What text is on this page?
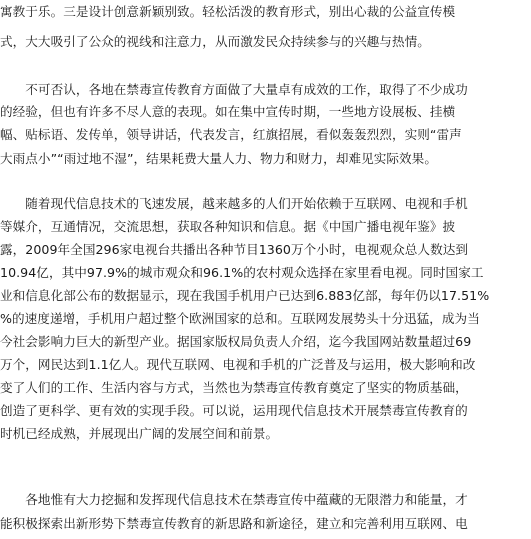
寓教于乐。三是设计创意新颖别致。轻松活泼的教育形式，别出心裁的公益宣传模
式，大大吸引了公众的视线和注意力，从而激发民众持续参与的兴趣与热情。
　　不可否认，各地在禁毒宣传教育方面做了大量卓有成效的工作，取得了不少成功
的经验，但也有许多不尽人意的表现。如在集中宣传时期，一些地方设展板、挂横
幅、贴标语、发传单，领导讲话，代表发言，红旗招展，看似轰轰烈烈，实则“雷声
大雨点小”“雨过地不湿”，结果耗费大量人力、物力和财力，却难见实际效果。
　　随着现代信息技术的飞速发展，越来越多的人们开始依赖于互联网、电视和手机
等媒介，互通情况，交流思想，获取各种知识和信息。据《中国广播电视年鉴》披
露，2009年全国296家电视台共播出各种节目1360万个小时，电视观众总人数达到
10.94亿，其中97.9%的城市观众和96.1%的农村观众选择在家里看电视。同时国家工
业和信息化部公布的数据显示，现在我国手机用户已达到6.883亿部，每年仍以17.51%
%的速度递增，手机用户超过整个欧洲国家的总和。互联网发展势头十分迅猛，成为当
今社会影响力巨大的新型产业。据国家版权局负责人介绍，迄今我国网站数量超过69
万个，网民达到1.1亿人。现代互联网、电视和手机的广泛普及与运用，极大影响和改
变了人们的工作、生活内容与方式，当然也为禁毒宣传教育奠定了坚实的物质基础，
创造了更科学、更有效的实现手段。可以说，运用现代信息技术开展禁毒宣传教育的
时机已经成熟，并展现出广阔的发展空间和前景。
　　各地惟有大力挖掘和发挥现代信息技术在禁毒宣传中蕴藏的无限潜力和能量，才
能积极探索出新形势下禁毒宣传教育的新思路和新途径，建立和完善利用互联网、电
